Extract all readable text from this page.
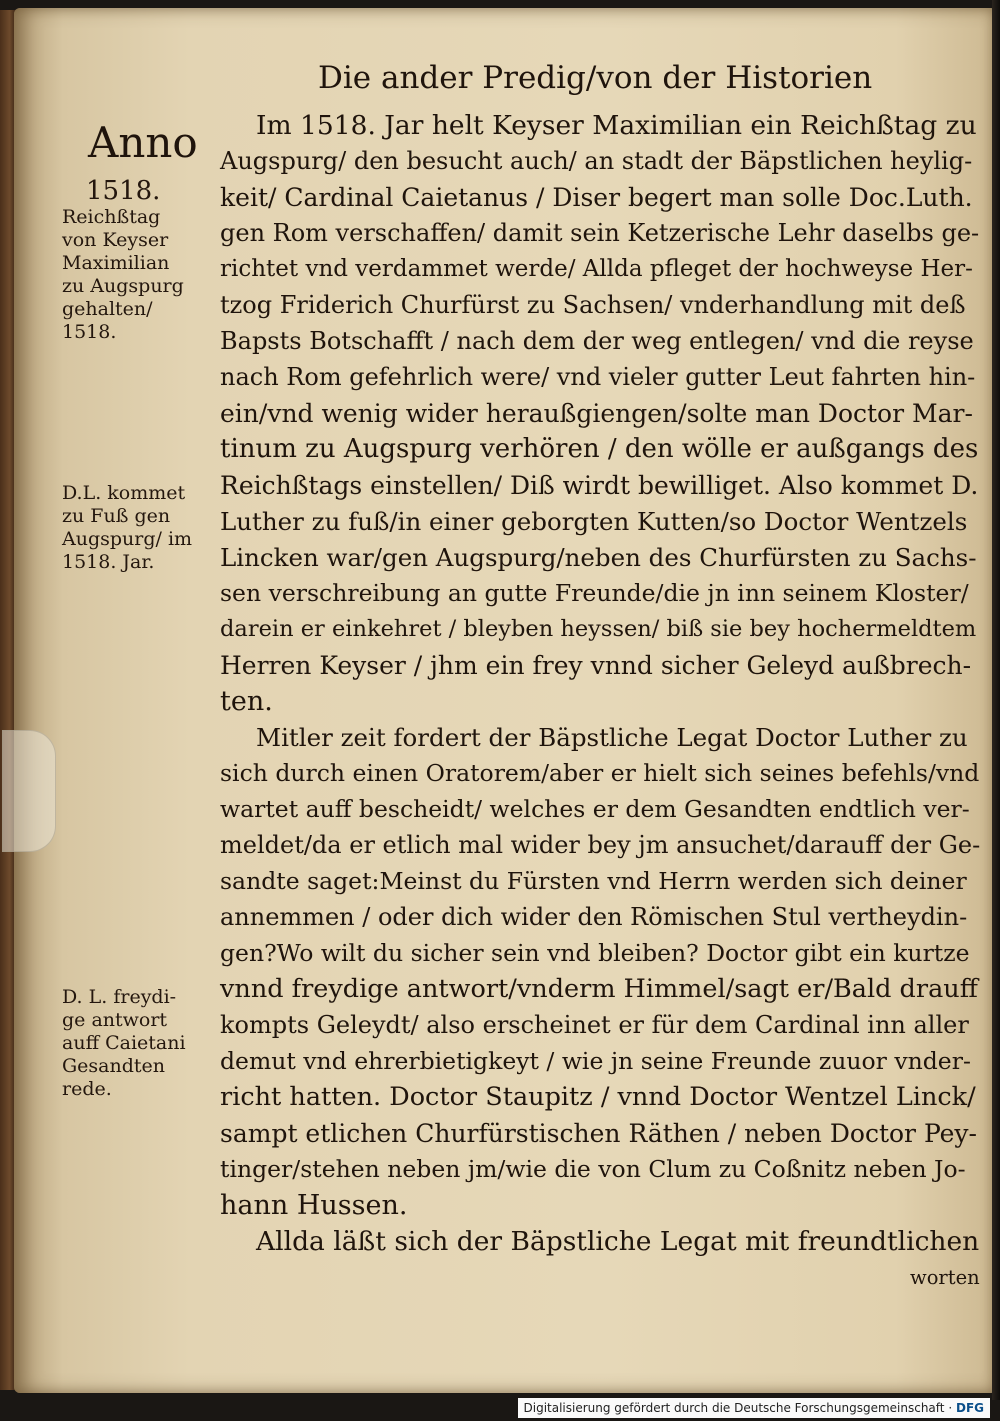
Die ander Predig/von der Historien
Anno
1518.
Reichßtag
von Keyser
Maximilian
zu Augspurg
gehalten/
1518.
D.L. kommet
zu Fuß gen
Augspurg/ im
1518. Jar.
D. L. freydi-
ge antwort
auff Caietani
Gesandten
rede.
Im 1518. Jar helt Keyser Maximilian ein Reichßtag zu
Augspurg/ den besucht auch/ an stadt der Bäpstlichen heylig-
keit/ Cardinal Caietanus / Diser begert man solle Doc.Luth.
gen Rom verschaffen/ damit sein Ketzerische Lehr daselbs ge-
richtet vnd verdammet werde/ Allda pfleget der hochweyse Her-
tzog Friderich Churfürst zu Sachsen/ vnderhandlung mit deß
Bapsts Botschafft / nach dem der weg entlegen/ vnd die reyse
nach Rom gefehrlich were/ vnd vieler gutter Leut fahrten hin-
ein/vnd wenig wider heraußgiengen/solte man Doctor Mar-
tinum zu Augspurg verhören / den wölle er außgangs des
Reichßtags einstellen/ Diß wirdt bewilliget. Also kommet D.
Luther zu fuß/in einer geborgten Kutten/so Doctor Wentzels
Lincken war/gen Augspurg/neben des Churfürsten zu Sachs-
sen verschreibung an gutte Freunde/die jn inn seinem Kloster/
darein er einkehret / bleyben heyssen/ biß sie bey hochermeldtem
Herren Keyser / jhm ein frey vnnd sicher Geleyd außbrech-
ten.
Mitler zeit fordert der Bäpstliche Legat Doctor Luther zu
sich durch einen Oratorem/aber er hielt sich seines befehls/vnd
wartet auff bescheidt/ welches er dem Gesandten endtlich ver-
meldet/da er etlich mal wider bey jm ansuchet/darauff der Ge-
sandte saget:Meinst du Fürsten vnd Herrn werden sich deiner
annemmen / oder dich wider den Römischen Stul vertheydin-
gen?Wo wilt du sicher sein vnd bleiben? Doctor gibt ein kurtze
vnnd freydige antwort/vnderm Himmel/sagt er/Bald drauff
kompts Geleydt/ also erscheinet er für dem Cardinal inn aller
demut vnd ehrerbietigkeyt / wie jn seine Freunde zuuor vnder-
richt hatten. Doctor Staupitz / vnnd Doctor Wentzel Linck/
sampt etlichen Churfürstischen Räthen / neben Doctor Pey-
tinger/stehen neben jm/wie die von Clum zu Coßnitz neben Jo-
hann Hussen.
Allda läßt sich der Bäpstliche Legat mit freundtlichen
worten
Digitalisierung gefördert durch die Deutsche Forschungsgemeinschaft · DFG
